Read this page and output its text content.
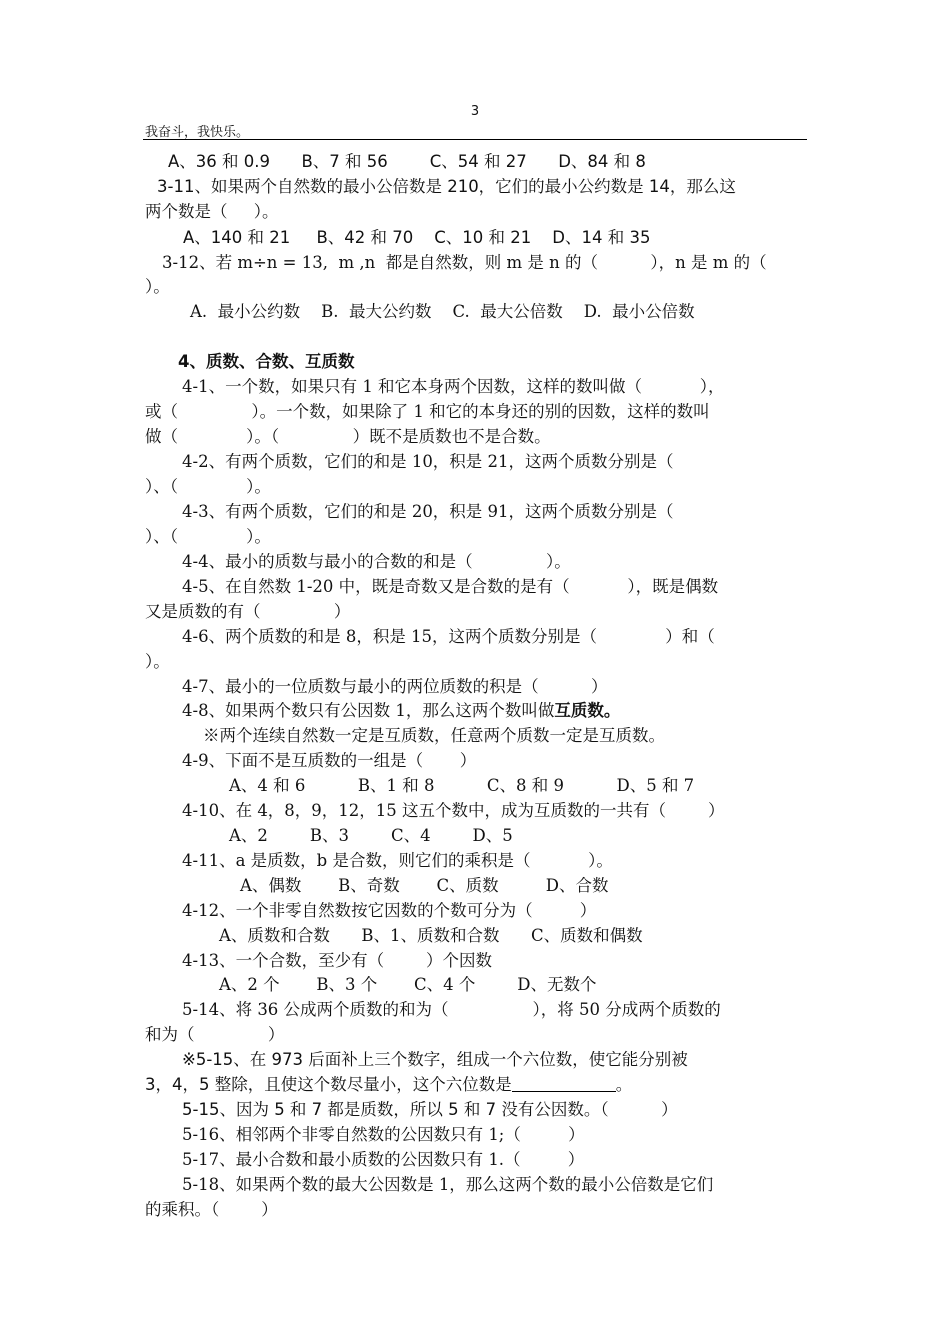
3
我奋斗，我快乐。
A、36 和 0.9      B、7 和 56        C、54 和 27      D、84 和 8
3-11、如果两个自然数的最小公倍数是 210，它们的最小公约数是 14，那么这
两个数是（     ）。
A、140 和 21     B、42 和 70    C、10 和 21    D、14 和 35
3-12、若 m÷n = 13,  m ,n  都是自然数，则 m 是 n 的（          ），n 是 m 的（
）。
A.  最小公约数    B.  最大公约数    C.  最大公倍数    D.  最小公倍数
4、质数、合数、互质数
4-1、一个数，如果只有 1 和它本身两个因数，这样的数叫做（           ），
或（              ）。一个数，如果除了 1 和它的本身还的别的因数，这样的数叫
做（             ）。（              ）既不是质数也不是合数。
4-2、有两个质数，它们的和是 10，积是 21，这两个质数分别是（
）、（             ）。
4-3、有两个质数，它们的和是 20，积是 91，这两个质数分别是（
）、（             ）。
4-4、最小的质数与最小的合数的和是（              ）。
4-5、在自然数 1-20 中，既是奇数又是合数的是有（           ），既是偶数
又是质数的有（              ）
4-6、两个质数的和是 8，积是 15，这两个质数分别是（             ）和（
）。
4-7、最小的一位质数与最小的两位质数的积是（          ）
4-8、如果两个数只有公因数 1，那么这两个数叫做互质数。
※两个连续自然数一定是互质数，任意两个质数一定是互质数。
4-9、下面不是互质数的一组是（       ）
A、4 和 6          B、1 和 8          C、8 和 9          D、5 和 7
4-10、在 4，8，9，12，15 这五个数中，成为互质数的一共有（        ）
A、2        B、3        C、4        D、5
4-11、a 是质数，b 是合数，则它们的乘积是（           ）。
A、偶数       B、奇数       C、质数         D、合数
4-12、一个非零自然数按它因数的个数可分为（         ）
A、质数和合数      B、1、质数和合数      C、质数和偶数
4-13、一个合数，至少有（        ）个因数
A、2 个       B、3 个       C、4 个        D、无数个
5-14、将 36 公成两个质数的和为（                ），将 50 分成两个质数的
和为（              ）
※5-15、在 973 后面补上三个数字，组成一个六位数，使它能分别被
3，4，5 整除，且使这个数尽量小，这个六位数是	。
5-15、因为 5 和 7 都是质数，所以 5 和 7 没有公因数。（          ）
5-16、相邻两个非零自然数的公因数只有 1;（         ）
5-17、最小合数和最小质数的公因数只有 1.（         ）
5-18、如果两个数的最大公因数是 1，那么这两个数的最小公倍数是它们
的乘积。（        ）
